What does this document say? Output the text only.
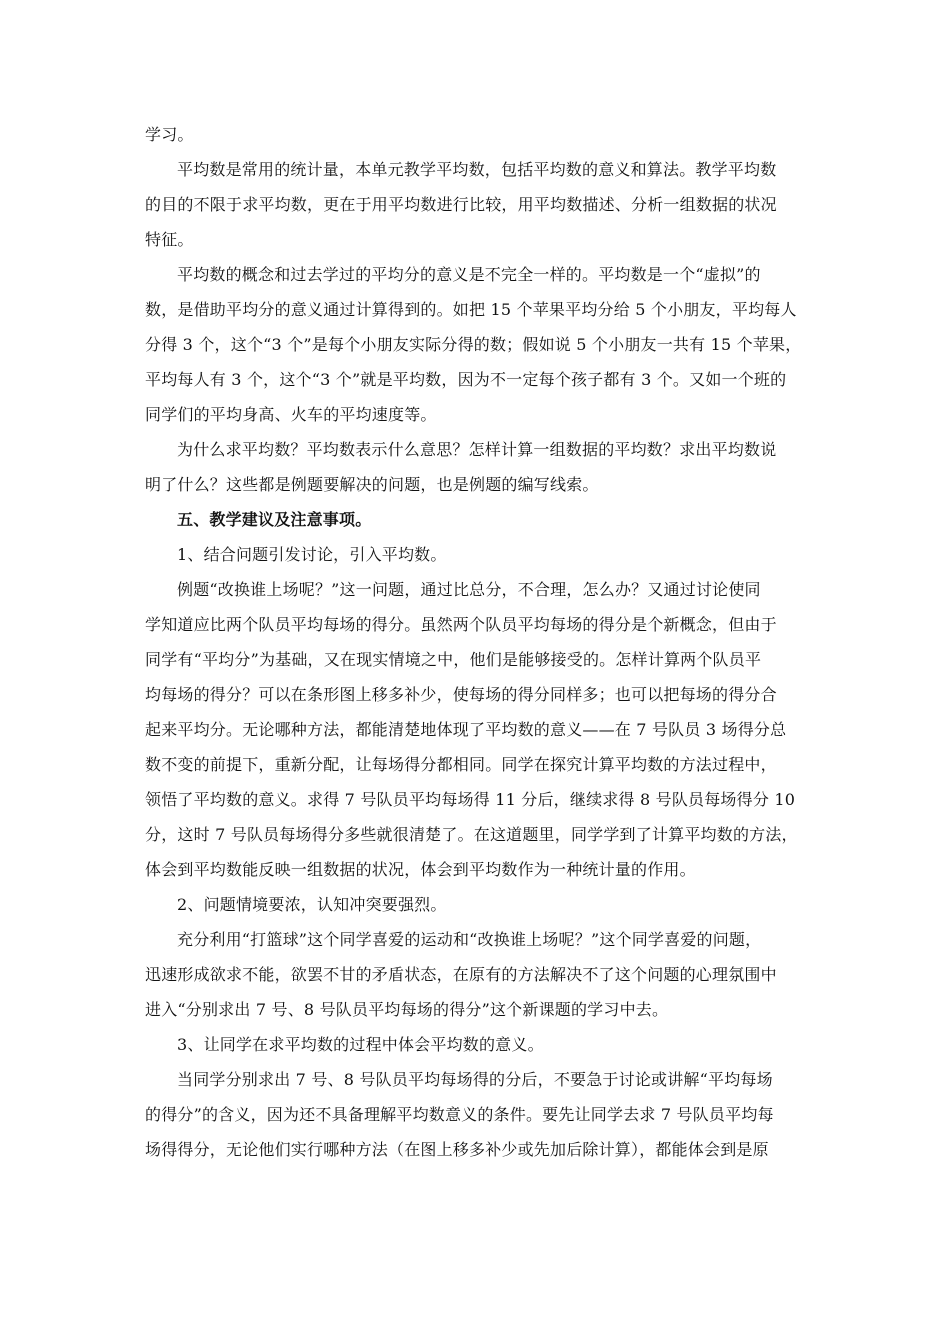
学习。
平均数是常用的统计量，本单元教学平均数，包括平均数的意义和算法。教学平均数
的目的不限于求平均数，更在于用平均数进行比较，用平均数描述、分析一组数据的状况
特征。
平均数的概念和过去学过的平均分的意义是不完全一样的。平均数是一个“虚拟”的
数，是借助平均分的意义通过计算得到的。如把 15 个苹果平均分给 5 个小朋友，平均每人
分得 3 个，这个“3 个”是每个小朋友实际分得的数；假如说 5 个小朋友一共有 15 个苹果，
平均每人有 3 个，这个“3 个”就是平均数，因为不一定每个孩子都有 3 个。又如一个班的
同学们的平均身高、火车的平均速度等。
为什么求平均数？平均数表示什么意思？怎样计算一组数据的平均数？求出平均数说
明了什么？这些都是例题要解决的问题，也是例题的编写线索。
五、教学建议及注意事项。
1、结合问题引发讨论，引入平均数。
例题“改换谁上场呢？”这一问题，通过比总分，不合理，怎么办？又通过讨论使同
学知道应比两个队员平均每场的得分。虽然两个队员平均每场的得分是个新概念，但由于
同学有“平均分”为基础，又在现实情境之中，他们是能够接受的。怎样计算两个队员平
均每场的得分？可以在条形图上移多补少，使每场的得分同样多；也可以把每场的得分合
起来平均分。无论哪种方法，都能清楚地体现了平均数的意义——在 7 号队员 3 场得分总
数不变的前提下，重新分配，让每场得分都相同。同学在探究计算平均数的方法过程中，
领悟了平均数的意义。求得 7 号队员平均每场得 11 分后，继续求得 8 号队员每场得分 10
分，这时 7 号队员每场得分多些就很清楚了。在这道题里，同学学到了计算平均数的方法，
体会到平均数能反映一组数据的状况，体会到平均数作为一种统计量的作用。
2、问题情境要浓，认知冲突要强烈。
充分利用“打篮球”这个同学喜爱的运动和“改换谁上场呢？”这个同学喜爱的问题，
迅速形成欲求不能，欲罢不甘的矛盾状态，在原有的方法解决不了这个问题的心理氛围中
进入“分别求出 7 号、8 号队员平均每场的得分”这个新课题的学习中去。
3、让同学在求平均数的过程中体会平均数的意义。
当同学分别求出 7 号、8 号队员平均每场得的分后，不要急于讨论或讲解“平均每场
的得分”的含义，因为还不具备理解平均数意义的条件。要先让同学去求 7 号队员平均每
场得得分，无论他们实行哪种方法（在图上移多补少或先加后除计算），都能体会到是原
